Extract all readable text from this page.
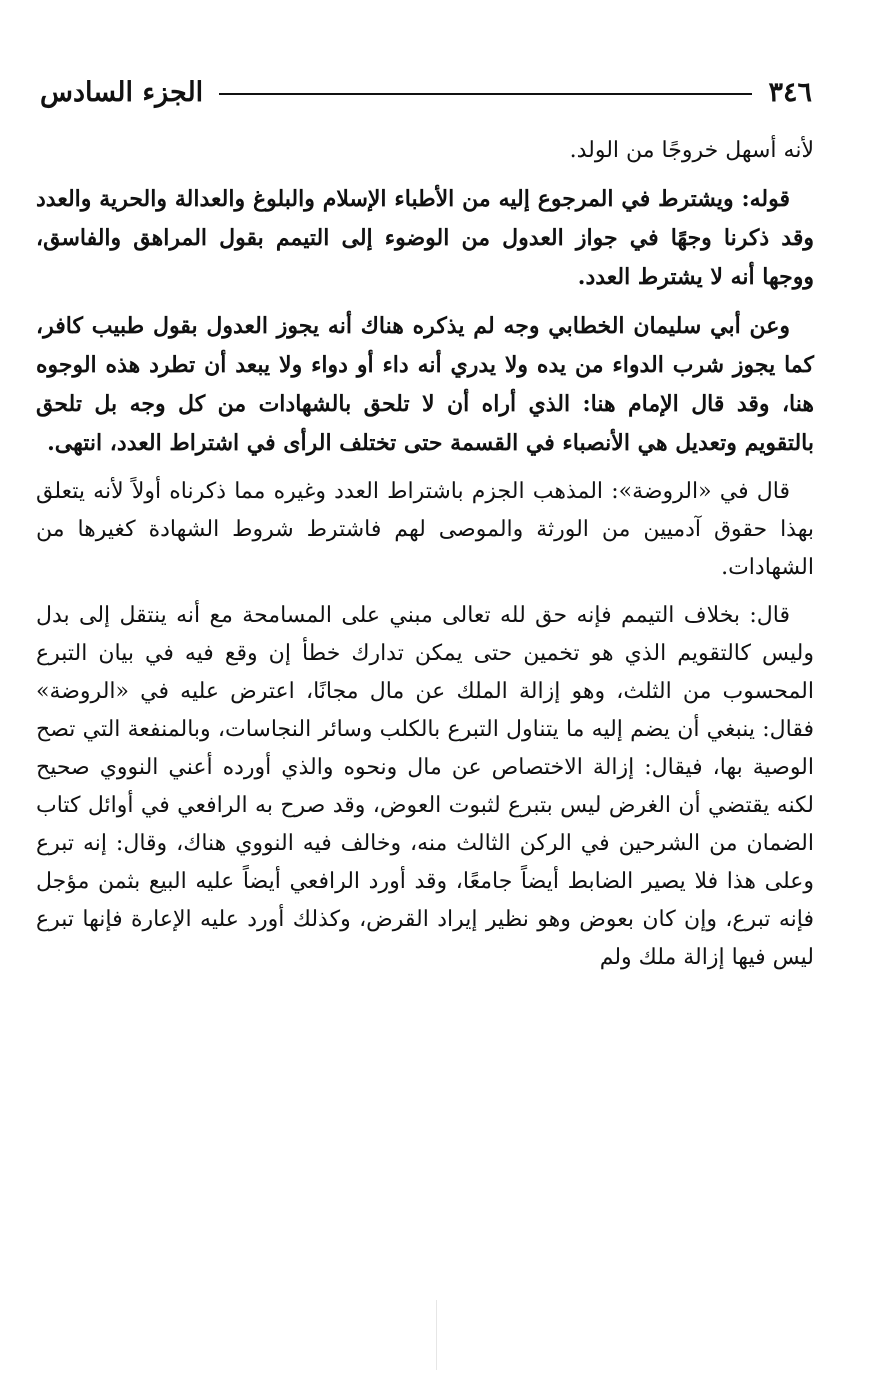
٣٤٦
الجزء السادس

لأنه أسهل خروجًا من الولد.

قوله: ويشترط في المرجوع إليه من الأطباء الإسلام والبلوغ والعدالة والحرية والعدد وقد ذكرنا وجهًا في جواز العدول من الوضوء إلى التيمم بقول المراهق والفاسق، ووجها أنه لا يشترط العدد.

وعن أبي سليمان الخطابي وجه لم يذكره هناك أنه يجوز العدول بقول طبيب كافر، كما يجوز شرب الدواء من يده ولا يدري أنه داء أو دواء ولا يبعد أن تطرد هذه الوجوه هنا، وقد قال الإمام هنا: الذي أراه أن لا تلحق بالشهادات من كل وجه بل تلحق بالتقويم وتعديل هي الأنصباء في القسمة حتى تختلف الرأى في اشتراط العدد، انتهى.

قال في «الروضة»: المذهب الجزم باشتراط العدد وغيره مما ذكرناه أولاً لأنه يتعلق بهذا حقوق آدميين من الورثة والموصى لهم فاشترط شروط الشهادة كغيرها من الشهادات.

قال: بخلاف التيمم فإنه حق لله تعالى مبني على المسامحة مع أنه ينتقل إلى بدل وليس كالتقويم الذي هو تخمين حتى يمكن تدارك خطأ إن وقع فيه في بيان التبرع المحسوب من الثلث، وهو إزالة الملك عن مال مجانًا، اعترض عليه في «الروضة» فقال: ينبغي أن يضم إليه ما يتناول التبرع بالكلب وسائر النجاسات، وبالمنفعة التي تصح الوصية بها، فيقال: إزالة الاختصاص عن مال ونحوه والذي أورده أعني النووي صحيح لكنه يقتضي أن الغرض ليس بتبرع لثبوت العوض، وقد صرح به الرافعي في أوائل كتاب الضمان من الشرحين في الركن الثالث منه، وخالف فيه النووي هناك، وقال: إنه تبرع وعلى هذا فلا يصير الضابط أيضاً جامعًا، وقد أورد الرافعي أيضاً عليه البيع بثمن مؤجل فإنه تبرع، وإن كان بعوض وهو نظير إيراد القرض، وكذلك أورد عليه الإعارة فإنها تبرع ليس فيها إزالة ملك ولم
